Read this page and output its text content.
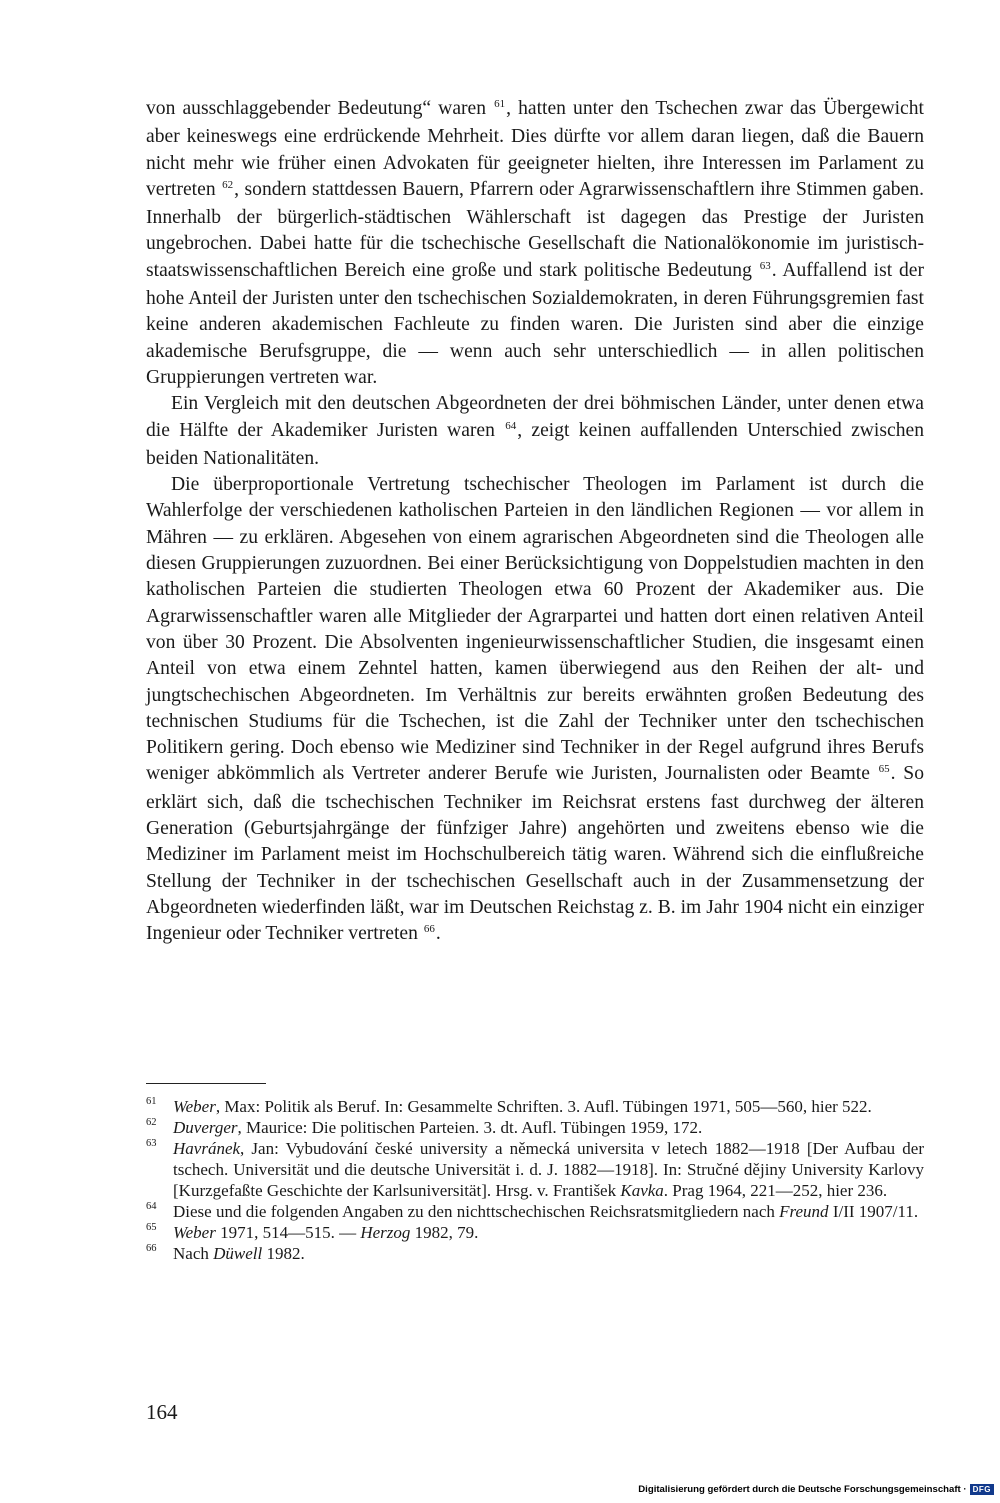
von ausschlaggebender Bedeutung“ waren $^{61}$, hatten unter den Tschechen zwar das Übergewicht aber keineswegs eine erdrückende Mehrheit. Dies dürfte vor allem daran liegen, daß die Bauern nicht mehr wie früher einen Advokaten für geeigneter hielten, ihre Interessen im Parlament zu vertreten $^{62}$, sondern stattdessen Bauern, Pfarrern oder Agrarwissenschaftlern ihre Stimmen gaben. Innerhalb der bürgerlich-städtischen Wählerschaft ist dagegen das Prestige der Juristen ungebrochen. Dabei hatte für die tschechische Gesellschaft die Nationalökonomie im juristisch-staatswissenschaftlichen Bereich eine große und stark politische Bedeutung $^{63}$. Auffallend ist der hohe Anteil der Juristen unter den tschechischen Sozialdemokraten, in deren Führungsgremien fast keine anderen akademischen Fachleute zu finden waren. Die Juristen sind aber die einzige akademische Berufsgruppe, die — wenn auch sehr unterschiedlich — in allen politischen Gruppierungen vertreten war.

Ein Vergleich mit den deutschen Abgeordneten der drei böhmischen Länder, unter denen etwa die Hälfte der Akademiker Juristen waren $^{64}$, zeigt keinen auffallenden Unterschied zwischen beiden Nationalitäten.

Die überproportionale Vertretung tschechischer Theologen im Parlament ist durch die Wahlerfolge der verschiedenen katholischen Parteien in den ländlichen Regionen — vor allem in Mähren — zu erklären. Abgesehen von einem agrarischen Abgeordneten sind die Theologen alle diesen Gruppierungen zuzuordnen. Bei einer Berücksichtigung von Doppelstudien machten in den katholischen Parteien die studierten Theologen etwa 60 Prozent der Akademiker aus. Die Agrarwissenschaftler waren alle Mitglieder der Agrarpartei und hatten dort einen relativen Anteil von über 30 Prozent. Die Absolventen ingenieurwissenschaftlicher Studien, die insgesamt einen Anteil von etwa einem Zehntel hatten, kamen überwiegend aus den Reihen der alt- und jungtschechischen Abgeordneten. Im Verhältnis zur bereits erwähnten großen Bedeutung des technischen Studiums für die Tschechen, ist die Zahl der Techniker unter den tschechischen Politikern gering. Doch ebenso wie Mediziner sind Techniker in der Regel aufgrund ihres Berufs weniger abkömmlich als Vertreter anderer Berufe wie Juristen, Journalisten oder Beamte $^{65}$. So erklärt sich, daß die tschechischen Techniker im Reichsrat erstens fast durchweg der älteren Generation (Geburtsjahrgänge der fünfziger Jahre) angehörten und zweitens ebenso wie die Mediziner im Parlament meist im Hochschulbereich tätig waren. Während sich die einflußreiche Stellung der Techniker in der tschechischen Gesellschaft auch in der Zusammensetzung der Abgeordneten wiederfinden läßt, war im Deutschen Reichstag z. B. im Jahr 1904 nicht ein einziger Ingenieur oder Techniker vertreten $^{66}$.

61 Weber, Max: Politik als Beruf. In: Gesammelte Schriften. 3. Aufl. Tübingen 1971, 505—560, hier 522.

62 Duverger, Maurice: Die politischen Parteien. 3. dt. Aufl. Tübingen 1959, 172.

63 Havránek, Jan: Vybudování české university a německá universita v letech 1882—1918 [Der Aufbau der tschech. Universität und die deutsche Universität i. d. J. 1882—1918]. In: Stručné dějiny University Karlovy [Kurzgefaßte Geschichte der Karlsuniversität]. Hrsg. v. František Kavka. Prag 1964, 221—252, hier 236.

64 Diese und die folgenden Angaben zu den nichttschechischen Reichsratsmitgliedern nach Freund I/II 1907/11.

65 Weber 1971, 514—515. — Herzog 1982, 79.

66 Nach Düwell 1982.

164
Digitalisierung gefördert durch die Deutsche Forschungsgemeinschaft · DFG
